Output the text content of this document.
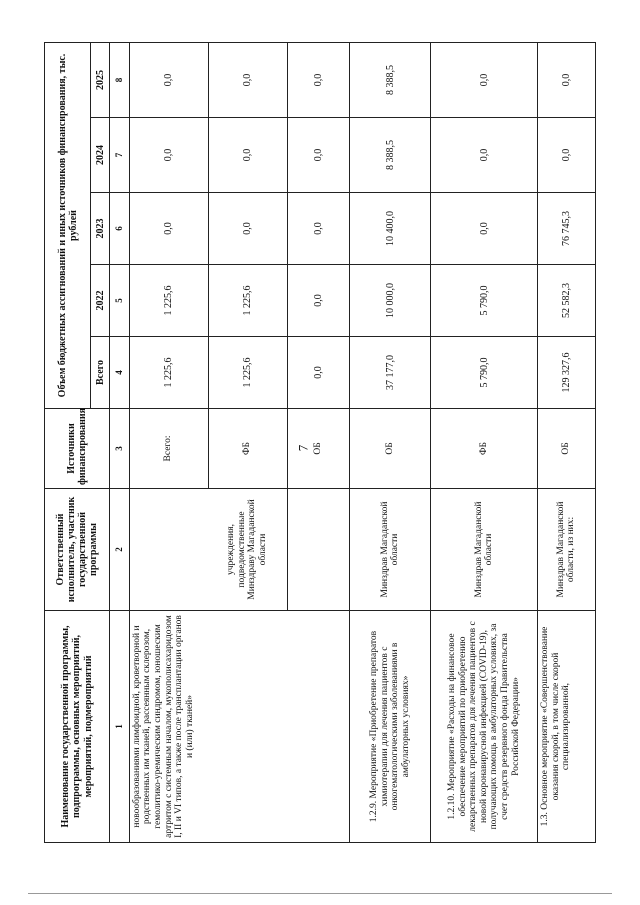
7
Наименование государственной программы, подпрограммы, основных мероприятий, мероприятий, подмероприятий	Ответственный исполнитель, участник государственной программы	Источники финансирования	Объем бюджетных ассигнований и иных источников финансирования, тыс. рублей				
			Всего	2022	2023	2024	2025
1	2	3	4	5	6	7	8
новообразованиями лимфоидной, кроветворной и родственных им тканей, рассеянным склерозом, гемолитико-уремическим синдромом, юношеским артритом с системным началом, мукополисахаридозом I, II и VI типов, а также после трансплантации органов и (или) тканей»		Всего:	1 225,6	1 225,6	0,0	0,0	0,0
	учреждения, подведомственные Минздраву Магаданской области	ФБ	1 225,6	1 225,6	0,0	0,0	0,0
		ОБ	0,0	0,0	0,0	0,0	0,0
1.2.9. Мероприятие «Приобретение препаратов химиотерапии для лечения пациентов с онкогематологическими заболеваниями в амбулаторных условиях»	Минздрав Магаданской области	ОБ	37 177,0	10 000,0	10 400,0	8 388,5	8 388,5
1.2.10. Мероприятие «Расходы на финансовое обеспечение мероприятий по приобретению лекарственных препаратов для лечения пациентов с новой коронавирусной инфекцией (COVID-19), получающих помощь в амбулаторных условиях, за счет средств резервного фонда Правительства Российской Федерации»	Минздрав Магаданской области	ФБ	5 790,0	5 790,0	0,0	0,0	0,0
1.3. Основное мероприятие «Совершенствование оказания скорой, в том числе скорой специализированной,	Минздрав Магаданской области, из них:	ОБ	129 327,6	52 582,3	76 745,3	0,0	0,0
